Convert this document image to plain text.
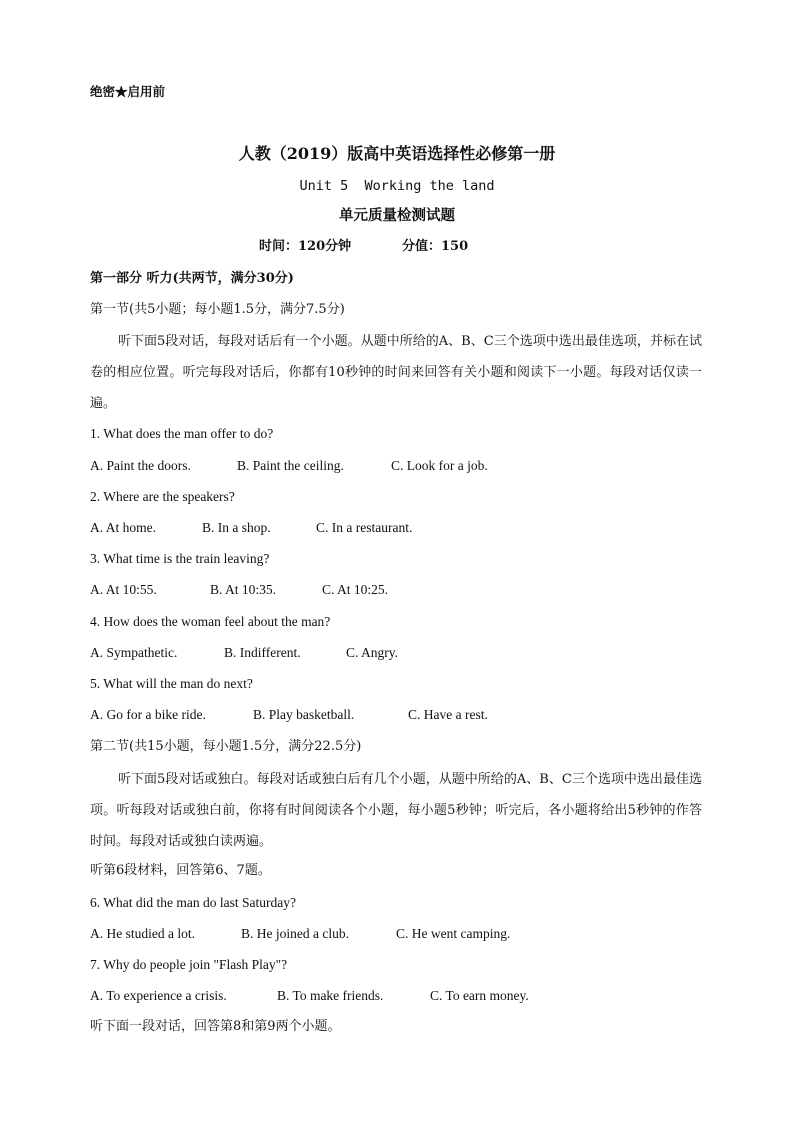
绝密★启用前
人教（2019）版高中英语选择性必修第一册
Unit 5  Working the land
单元质量检测试题
时间：120分钟	分值：150
第一部分 听力(共两节，满分30分)
第一节(共5小题；每小题1.5分，满分7.5分)
听下面5段对话，每段对话后有一个小题。从题中所给的A、B、C三个选项中选出最佳选项，并标在试卷的相应位置。听完每段对话后，你都有10秒钟的时间来回答有关小题和阅读下一小题。每段对话仅读一遍。
1. What does the man offer to do?
A. Paint the doors.	B. Paint the ceiling.	C. Look for a job.
2. Where are the speakers?
A. At home.	B. In a shop.	C. In a restaurant.
3. What time is the train leaving?
A. At 10:55.	B. At 10:35.	C. At 10:25.
4. How does the woman feel about the man?
A. Sympathetic.	B. Indifferent.	C. Angry.
5. What will the man do next?
A. Go for a bike ride.	B. Play basketball.	C. Have a rest.
第二节(共15小题，每小题1.5分，满分22.5分)
听下面5段对话或独白。每段对话或独白后有几个小题，从题中所给的A、B、C三个选项中选出最佳选项。听每段对话或独白前，你将有时间阅读各个小题，每小题5秒钟；听完后，各小题将给出5秒钟的作答时间。每段对话或独白读两遍。
听第6段材料，回答第6、7题。
6. What did the man do last Saturday?
A. He studied a lot.	B. He joined a club.	C. He went camping.
7. Why do people join "Flash Play"?
A. To experience a crisis.	B. To make friends.	C. To earn money.
听下面一段对话，回答第8和第9两个小题。
